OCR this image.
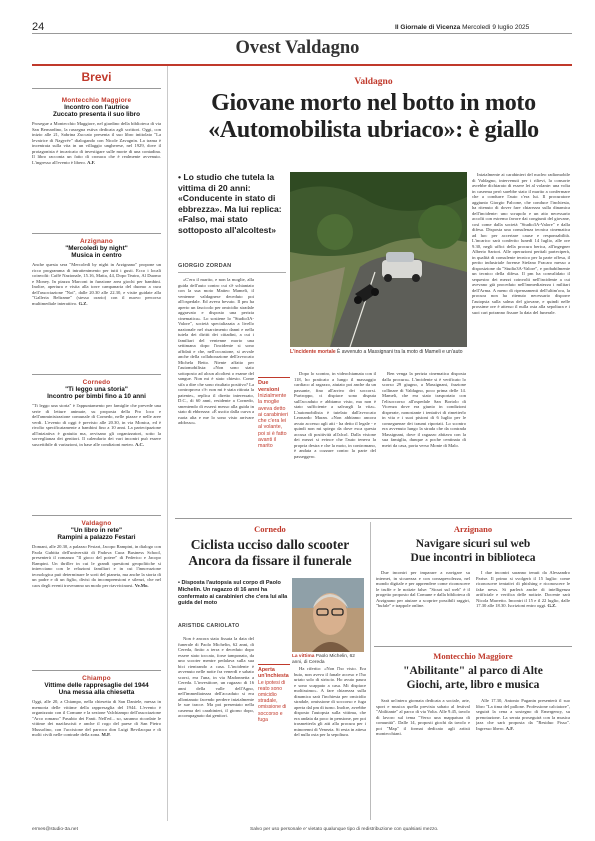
24	Il Giornale di Vicenza Mercoledì 9 luglio 2025
Ovest Valdagno
Brevi
Montecchio Maggiore
Incontro con l'autrice
Zuccato presenta il suo libro
Prosegue a Montecchio Maggiore, nel giardino della biblioteca di via San Bernardino, la rassegna estiva dedicata agli scrittori. Oggi, con inizio alle 21, Sabrina Zuccato presenta il suo libro intitolato "La levatrice di Nagyrév" dialogando con Nicole Zavagnin. La trama è incentrata sulla vita in un villaggio ungherese, nel 1929, dove il protagonista è incaricato di investigare sulle morte di una contadina. Il libro racconta un fatto di cronaca che è realmente avvenuto. L'ingresso all'evento è libero. A.F.
Arzignano
"Mercoledì by night"
Musica in centro
Anche questa sera "Mercoledì by night in Arzignano" propone un ricco programma di intrattenimento per tutti i gusti. Ecco i locali coinvolti: Caffè Nazionale, 15.16, Matta, 44, Dopo Teatro, Al Duomo e Money. In piazza Marconi in funzione area giochi per bambini. Inoltre, apertura e visita alla torre campanaria del duomo a cura dell'associazione "Noi", dalle 20.30 alle 22.30, e visite guidate alla "Galleria Beltrame" (stesso orario) con il nuovo percorso multimediale interattivo. G.Z.
Cornedo
"Ti leggo una storia"
Incontro per bimbi fino a 10 anni
"Ti leggo una storia" è l'appuntamento per famiglie che prevede una serie di letture animate, su proposta della Pro loco e dell'amministrazione comunale di Cornedo, nelle piazze e nelle aree verdi. L'evento di oggi è previsto alle 20.30, in via Monica, ed è rivolto specificatamente a bambini fino a 10 anni. La partecipazione all'iniziativa è gratuita ma, avvisano gli organizzatori, sotto la sorveglianza dei genitori. Il calendario dei vari incontri può essere suscettibile di variazioni, in base alle condizioni meteo. A.C.
Valdagno
"Un libro in rete"
Rampini a palazzo Festari
Domani, alle 20.30, a palazzo Festari, Jacopo Rampini, in dialogo con Paola Gubitta dell'università di Padova Cuoa Business School, presenterà il romanzo "Il gioco del potere" di Federico e Jacopo Rampini. Un thriller in cui le grandi questioni geopolitiche si intrecciano con le relazioni familiari e in cui l'innovazione tecnologica può determinare le sorti del pianeta, ma anche la storia di un padre e di un figlio, divisi da incomprensioni e silenzi, che nel caos degli eventi troveranno un modo per riavvicinarsi. Ve.Mo.
Chiampo
Vittime delle rappresaglie del 1944
Una messa alla chiesetta
Oggi, alle 20, a Chiampo, nella chiesetta di San Daniele, messa in memoria delle vittime della rappresaglia del 1944. L'evento è organizzato con il Comune e la sezione Valchiampo dell'associazione "Arco romano" Pasubio dei Fanti. Nell'ed... so, saranno ricordate le vittime dei nazifascisti e anche il rogo del paese di San Pietro Mussolino, con l'uccisione del parroco don Luigi Bevilacqua e di molti civili nelle contrade della zona. M.P.
Valdagno
Giovane morto nel botto in moto
«Automobilista ubriaco»: è giallo
• Lo studio che tutela la vittima di 20 anni: «Conducente in stato di ebbrezza». Ma lui replica: «Falso, mai stato sottoposto all'alcoltest»
GIORGIO ZORDAN
L'incidente mortale È avvenuto a Massignani tra la moto di Mameli e un'auto
Due versioni
Inizialmente la moglie aveva detto ai carabinieri che c'era lei al volante, poi si è fatto avanti il marito

«C'era il marito, e non la moglie, alla guida dell'auto contro cui s'è schiantato con la sua moto Matteo Mameli, il ventenne valdagnese deceduto poi all'ospedale. Ed aveva bevuto. Il pm ha aperto un fascicolo per omicidio stradale aggravato e disposto una perizia cinematica». Lo sostiene lo "Studio3A-Valore", società specializzata a livello nazionale nel risarcimento danni e nella tutela dei diritti dei cittadini, a cui i familiari del ventenne morto una settimana dopo l'incidente si sono affidati e che, nell'occasione, si avvale anche della collaborazione dell'avvocato Michela Betto. Niente affatto per l'automobilista: «Non sono stato sottoposto ad alcun alcoltest o esame del sangue. Non mi è stato chiesto. Come sifa a dire che sono risultato positivo? La controprova c'è: non mi è stata ritirata la patente», replica il diretto interessato, D.C., di 60 anni, residente a Cornedo, smentendo di essersi messo alla guida in stato di ebbrezza: «È uscito dalla curva a ruota alta e me lo sono visto arrivare addosso».

Dopo lo scontro, in videochiamata con il 118, ho praticato a lungo il massaggio cardiaco al ragazzo, aiutato poi anche da un passante, fino all'arrivo dei soccorsi. Purtroppo, ci dispiace sono disputa sull'accaduto e abbiamo visto, ma non è stato sufficiente a salvargli la vita». L'automobilista è tutelato dall'avvocato Leonardo Maran. «Non abbiamo ancora avuto accesso agli atti - ha detto il legale - e quindi non mi spiego da dove esca questa accusa di positività all'alcol. Dalla visione dei mezzi si evince che l'auto teneva la propria destra e che la moto, in contromano, è andata a cozzare contro la parte del passeggero.

Ben venga la perizia cinematica disposta dalla procura». L'incidente si è verificato lo scorso 29 giugno, a Massignani, frazione collinare di Valdagno, poco prima delle 14. Mameli, che era stato trasportato con l'elisoccorso all'ospedale San Bortolo di Vicenza dove era giunto in condizioni disperate, nonostante i tentativi di rimetterlo in vita e i suoi pistoni di 6 luglio per le conseguenze dei traumi riportati. Lo scontro era avvenuto lungo la strada che da contrada Massignani, dove il ragazzo abitava con la sua famiglia, dunque a poche centinaia di metri da casa, porta verso Monte di Malo.

Inizialmente ai carabinieri del nucleo radiomobile di Valdagno, intervenuti per i rilievi, la consorte avrebbe dichiarato di essere lei al volante: una volta in caserma però sarebbe stato il marito a confermare che a condurre l'auto c'era lui. Il procuratore aggiunto Giorgio Falcone, che conduce l'inchiesta, ha ritenuto di dover fare chiarezza sulla dinamica dell'incidente: uno scrupolo e un atto necessario accolti con estremo favore dai congiunti del giovane, così come dalla società "Studio3A-Valore" e dalla difesa. Disposta una consulenza tecnica cinematica ad hoc per accertare cause e responsabilità. L'incarico sarà conferito lunedì 14 luglio, alle ore 9.30, negli uffici della procura berica, all'ingegner Alberto Sartori. Alle operazioni peritali parteciperà, in qualità di consulente tecnico per la parte offesa, il perito industriale forense Stefano Fracaro messo a disposizione da "Studio3A-Valore", e probabilmente un tecnico della difesa. Il pm ha convalidato il sequestro dei mezzi coinvolti nell'incidente a cui avevano già proceduto nell'immediatezza i militari dell'Arma. A meno di ripensamenti dell'ultim'ora, la procura non ha ritenuto necessario disporre l'autopsia sulla salma del giovane, e quindi nelle prossime ore è attesso il nulla osta alla sepoltura e i suoi cari potranno fissare la data del funerale.

Cornedo
Ciclista ucciso dallo scooter
Ancora da fissare il funerale
• Disposta l'autopsia sul corpo di Paolo Michelin. Un ragazzo di 16 anni ha confermato ai carabinieri che c'era lui alla guida del moto
ARISTIDE CARIOLATO
La vittima Paolo Michelin, 62 anni, di Cereda
Aperta un'inchiesta
Le ipotesi di reato sono omicidio stradale, omissione di soccorso e fuga

Non è ancora stata fissata la data del funerale di Paolo Michelin, 62 anni, di Cereda, finito a terra e deceduto dopo essere stato toccato, forse tamponato, da uno scooter mentre pedalava sulla sua bici rientrando a casa. L'incidente è avvenuto nelle notte fra venerdì e sabato scorsi, era l'una, in via Madonnetta a Cereda. L'investitore, un ragazzo di 16 anni della valle dell'Agno, nell'immediatezza dell'accaduto si era allontanato facendo perdere inizialmente le sue tracce. Ma poi presentato nella caserma dei carabinieri, il giorno dopo, accompagnato dai genitori.

Ha riferito: «Non l'ho visto. Era buio, non aveva il fanale acceso e l'ho urtato solo di striscio. Ho avuto paura e sono scappato a casa. Mi dispiace moltissimo». A fare chiarezza sulla dinamica sarà l'inchiesta per omicidio stradale, omissione di soccorso e fuga aperta dal pm di turno. Inoltre, avrebbe disposto l'autopsia sulla vittima, che era andata da poco in pensione, per poi trasmetterla gli atti alla procura per i minorenni di Venezia. Si resta in attesa del nulla osta per la sepoltura.

Arzignano
Navigare sicuri sul web
Due incontri in biblioteca

Due incontri per imparare a navigare su internet, in sicurezza e con consapevolezza, nel mondo digitale e per apprendere come riconoscere le truffe e le notizie false: "Sicuri sul web" è il progetto proposto dal Comune e dalla biblioteca di Arzignano per aiutare a scoprire possibili raggiri, "bufale" e trappole online.

I due incontri saranno tenuti da Alessandro Parise. Il primo si svolgerà il 15 luglio: come riconoscere tentativi di phishing e riconoscere le fake news. Si parlerà anche di intelligenza artificiale e verifica delle notizie. Docente sarà Nicola Marretto. Incontri il 15 e il 22 luglio, dalle 17.30 alle 18.30. Iscrizioni entro oggi. G.Z.

Montecchio Maggiore
"Abilitante" al parco di Alte
Giochi, arte, libro e musica

Sarà un'intera giornata dedicata a sociale, arte, sport e musica quella prevista sabato al festival "Abilitante" al parco di via Volta. Alle 9.45, tavolo di lavoro sul tema "Verso una mappatura di comunità". Dalle 14, proposti giochi da tavolo e poi "Map" il format dedicato agli artisti montecchiani.

Alle 17.30, Antonio Paganin presenterà il suo libro "La tima del pallone. Professione calciatore", seguirà la cena a sostegno di Emergency, su prenotazione. La serata proseguirà con la musica jazz che sarà proposta da "Residuo Fisso". Ingresso libero. A.F.

ermes@studio-3a.net	Salvo per uso personale e' vietato qualunque tipo di redistribuzione con qualsiasi mezzo.
